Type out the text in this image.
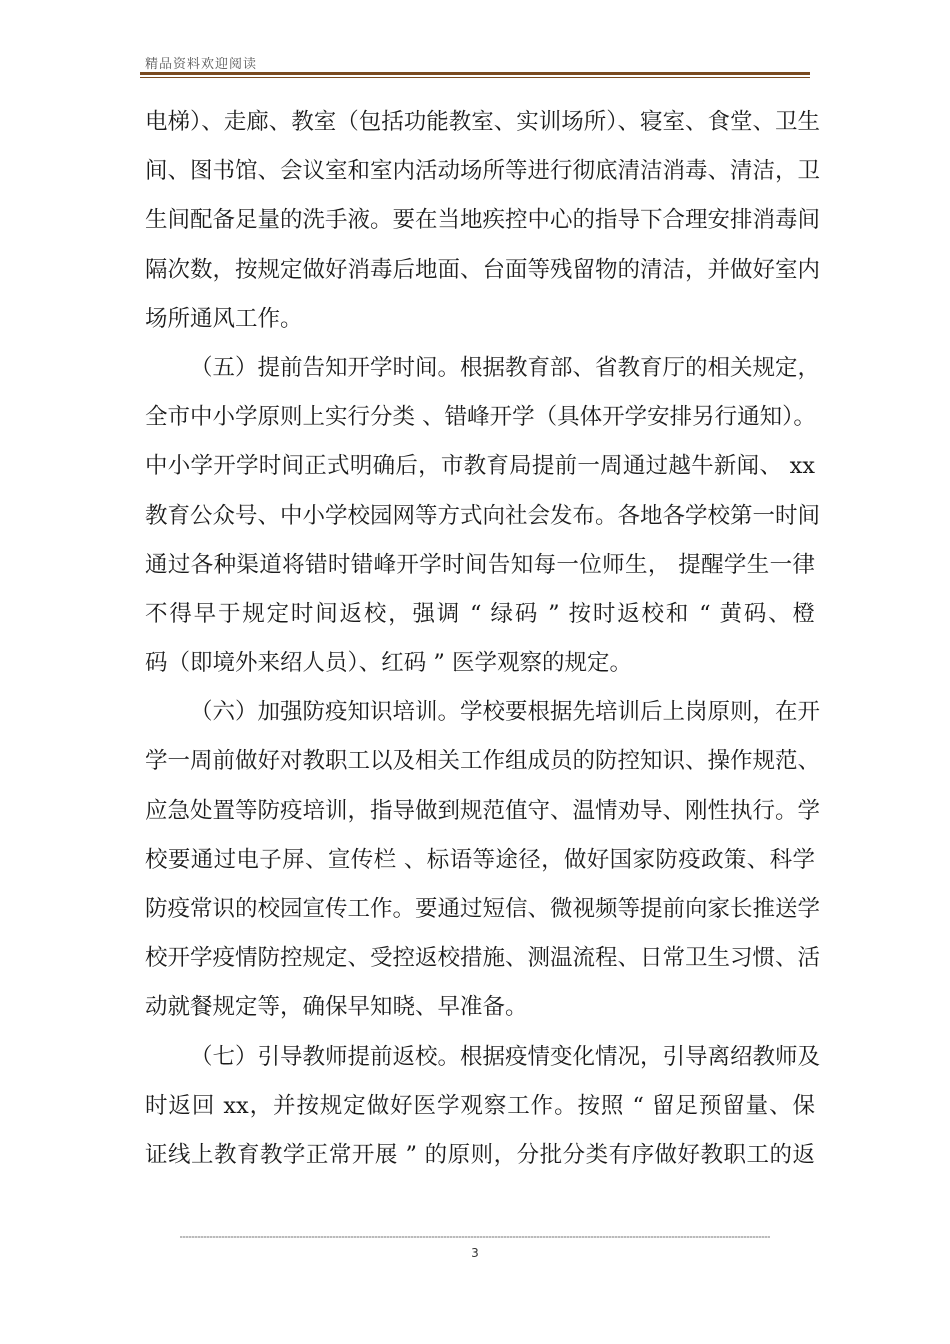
精品资料欢迎阅读
电梯）、走廊、教室（包括功能教室、实训场所）、寝室、食堂、卫生
间、图书馆、会议室和室内活动场所等进行彻底清洁消毒、清洁，卫
生间配备足量的洗手液。要在当地疾控中心的指导下合理安排消毒间
隔次数，按规定做好消毒后地面、台面等残留物的清洁，并做好室内
场所通风工作。
（五）提前告知开学时间。根据教育部、省教育厅的相关规定，
全市中小学原则上实行分类 、错峰开学（具体开学安排另行通知）。
中小学开学时间正式明确后，市教育局提前一周通过越牛新闻、 xx
教育公众号、中小学校园网等方式向社会发布。各地各学校第一时间
通过各种渠道将错时错峰开学时间告知每一位师生， 提醒学生一律
不得早于规定时间返校，强调 “ 绿码 ” 按时返校和 “ 黄码、橙
码（即境外来绍人员）、红码 ” 医学观察的规定。
（六）加强防疫知识培训。学校要根据先培训后上岗原则，在开
学一周前做好对教职工以及相关工作组成员的防控知识、操作规范、
应急处置等防疫培训，指导做到规范值守、温情劝导、刚性执行。学
校要通过电子屏、宣传栏 、标语等途径，做好国家防疫政策、科学
防疫常识的校园宣传工作。要通过短信、微视频等提前向家长推送学
校开学疫情防控规定、受控返校措施、测温流程、日常卫生习惯、活
动就餐规定等，确保早知晓、早准备。
（七）引导教师提前返校。根据疫情变化情况，引导离绍教师及
时返回 xx，并按规定做好医学观察工作。按照 “ 留足预留量、保
证线上教育教学正常开展 ” 的原则，分批分类有序做好教职工的返
3
